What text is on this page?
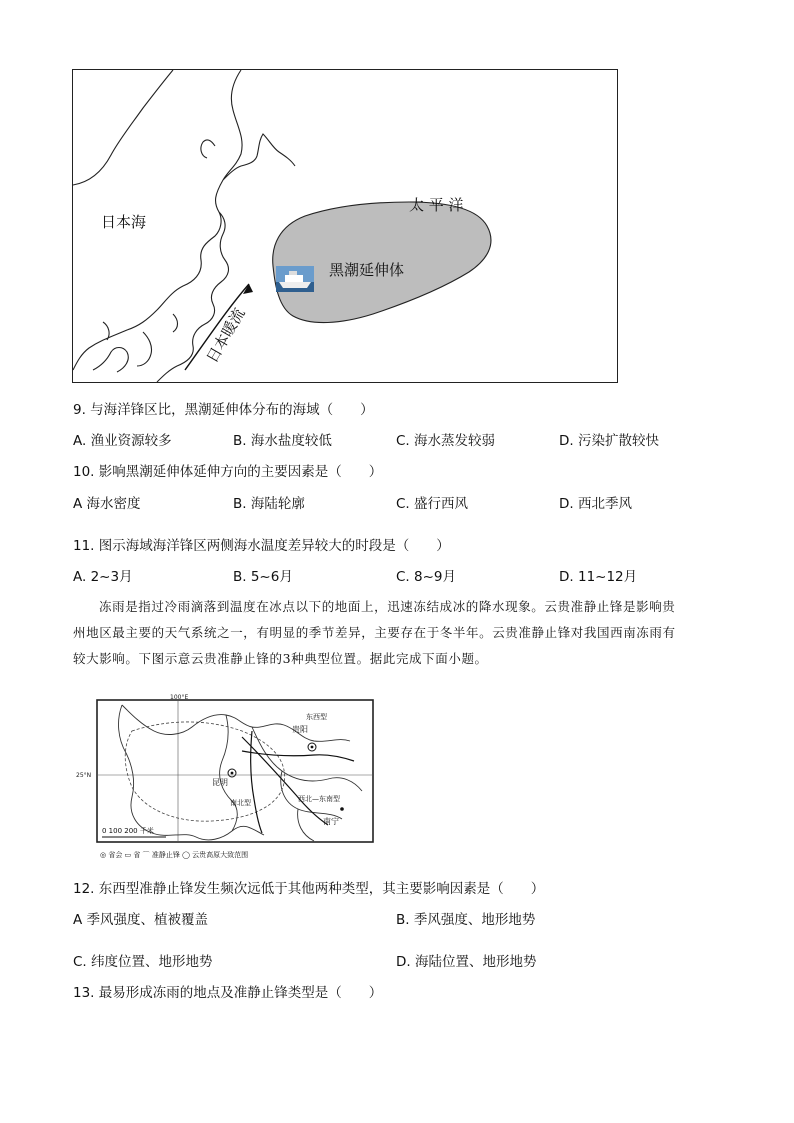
日本海
太 平 洋
黑潮延伸体
日本暖流
9. 与海洋锋区比，黑潮延伸体分布的海域（　　）
A. 渔业资源较多	B. 海水盐度较低	C. 海水蒸发较弱	D. 污染扩散较快
10. 影响黑潮延伸体延伸方向的主要因素是（　　）
A 海水密度	B. 海陆轮廓	C. 盛行西风	D. 西北季风
11. 图示海域海洋锋区两侧海水温度差异较大的时段是（　　）
A. 2~3月	B. 5~6月	C. 8~9月	D. 11~12月
冻雨是指过冷雨滴落到温度在冰点以下的地面上，迅速冻结成冰的降水现象。云贵准静止锋是影响贵
州地区最主要的天气系统之一，有明显的季节差异，主要存在于冬半年。云贵准静止锋对我国西南冻雨有
较大影响。下图示意云贵准静止锋的3种典型位置。据此完成下面小题。
100°E
25°N
昆明
贵阳
南宁
东西型
南北型	西北—东南型
0 100 200 千米
◎ 省会 ▭ 省 ⌒ 准静止锋 ◯ 云贵高原大致范围
12. 东西型准静止锋发生频次远低于其他两种类型，其主要影响因素是（　　）
A 季风强度、植被覆盖	B. 季风强度、地形地势
C. 纬度位置、地形地势	D. 海陆位置、地形地势
13. 最易形成冻雨的地点及准静止锋类型是（　　）
